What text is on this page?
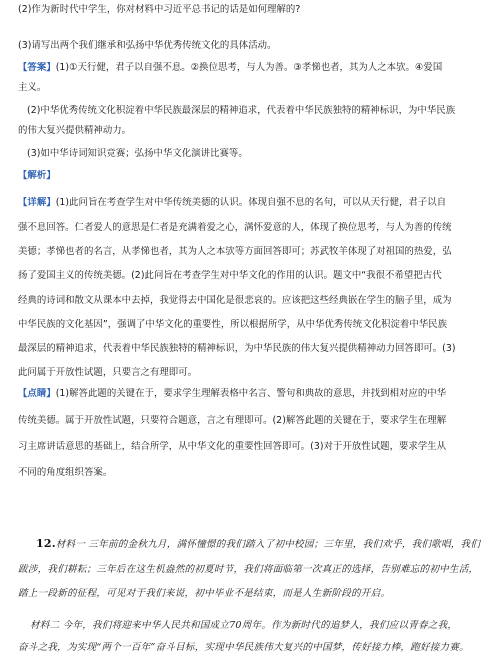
(2)作为新时代中学生，你对材料中习近平总书记的话是如何理解的?
(3)请写出两个我们继承和弘扬中华优秀传统文化的具体活动。
【答案】(1)①天行健，君子以自强不息。②换位思考，与人为善。③孝悌也者，其为人之本欤。④爱国
主义。
(2)中华优秀传统文化积淀着中华民族最深层的精神追求，代表着中华民族独特的精神标识，为中华民族
的伟大复兴提供精神动力。
(3)如中华诗词知识竞赛；弘扬中华文化演讲比赛等。
【解析】
【详解】(1)此问旨在考查学生对中华传统美德的认识。体现自强不息的名句，可以从天行健，君子以自
强不息回答。仁者爱人的意思是仁者是充满着爱之心，满怀爱意的人，体现了换位思考，与人为善的传统
美德；孝悌也者的名言，从孝悌也者，其为人之本欤等方面回答即可；苏武牧羊体现了对祖国的热爱，弘
扬了爱国主义的传统美德。(2)此问旨在考查学生对中华文化的作用的认识。题文中“我很不希望把古代
经典的诗词和散文从课本中去掉，我觉得去中国化是很悲哀的。应该把这些经典嵌在学生的脑子里，成为
中华民族的文化基因”，强调了中华文化的重要性，所以根据所学，从中华优秀传统文化积淀着中华民族
最深层的精神追求，代表着中华民族独特的精神标识，为中华民族的伟大复兴提供精神动力回答即可。(3)
此问属于开放性试题，只要言之有理即可。
【点睛】(1)解答此题的关键在于，要求学生理解表格中名言、警句和典故的意思，并找到相对应的中华
传统美德。属于开放性试题，只要符合题意，言之有理即可。(2)解答此题的关键在于，要求学生在理解
习主席讲话意思的基础上，结合所学，从中华文化的重要性回答即可。(3)对于开放性试题，要求学生从
不同的角度组织答案。
12.材料一 三年前的金秋九月，满怀憧憬的我们踏入了初中校园；三年里，我们欢乎，我们歌唱，我们
跋涉，我们耕耘；三年后在这生机盎然的初夏时节，我们将面临第一次真正的选择，告别难忘的初中生活，
踏上一段新的征程，可见对于我们来说，初中毕业不是结束，而是人生新阶段的开启。
材料二 今年，我们将迎来中华人民共和国成立70周年。作为新时代的追梦人，我们应以青春之我，
奋斗之我，为实现“两个一百年”奋斗目标，实现中华民族伟大复兴的中国梦，传好接力棒，跑好接力赛。
